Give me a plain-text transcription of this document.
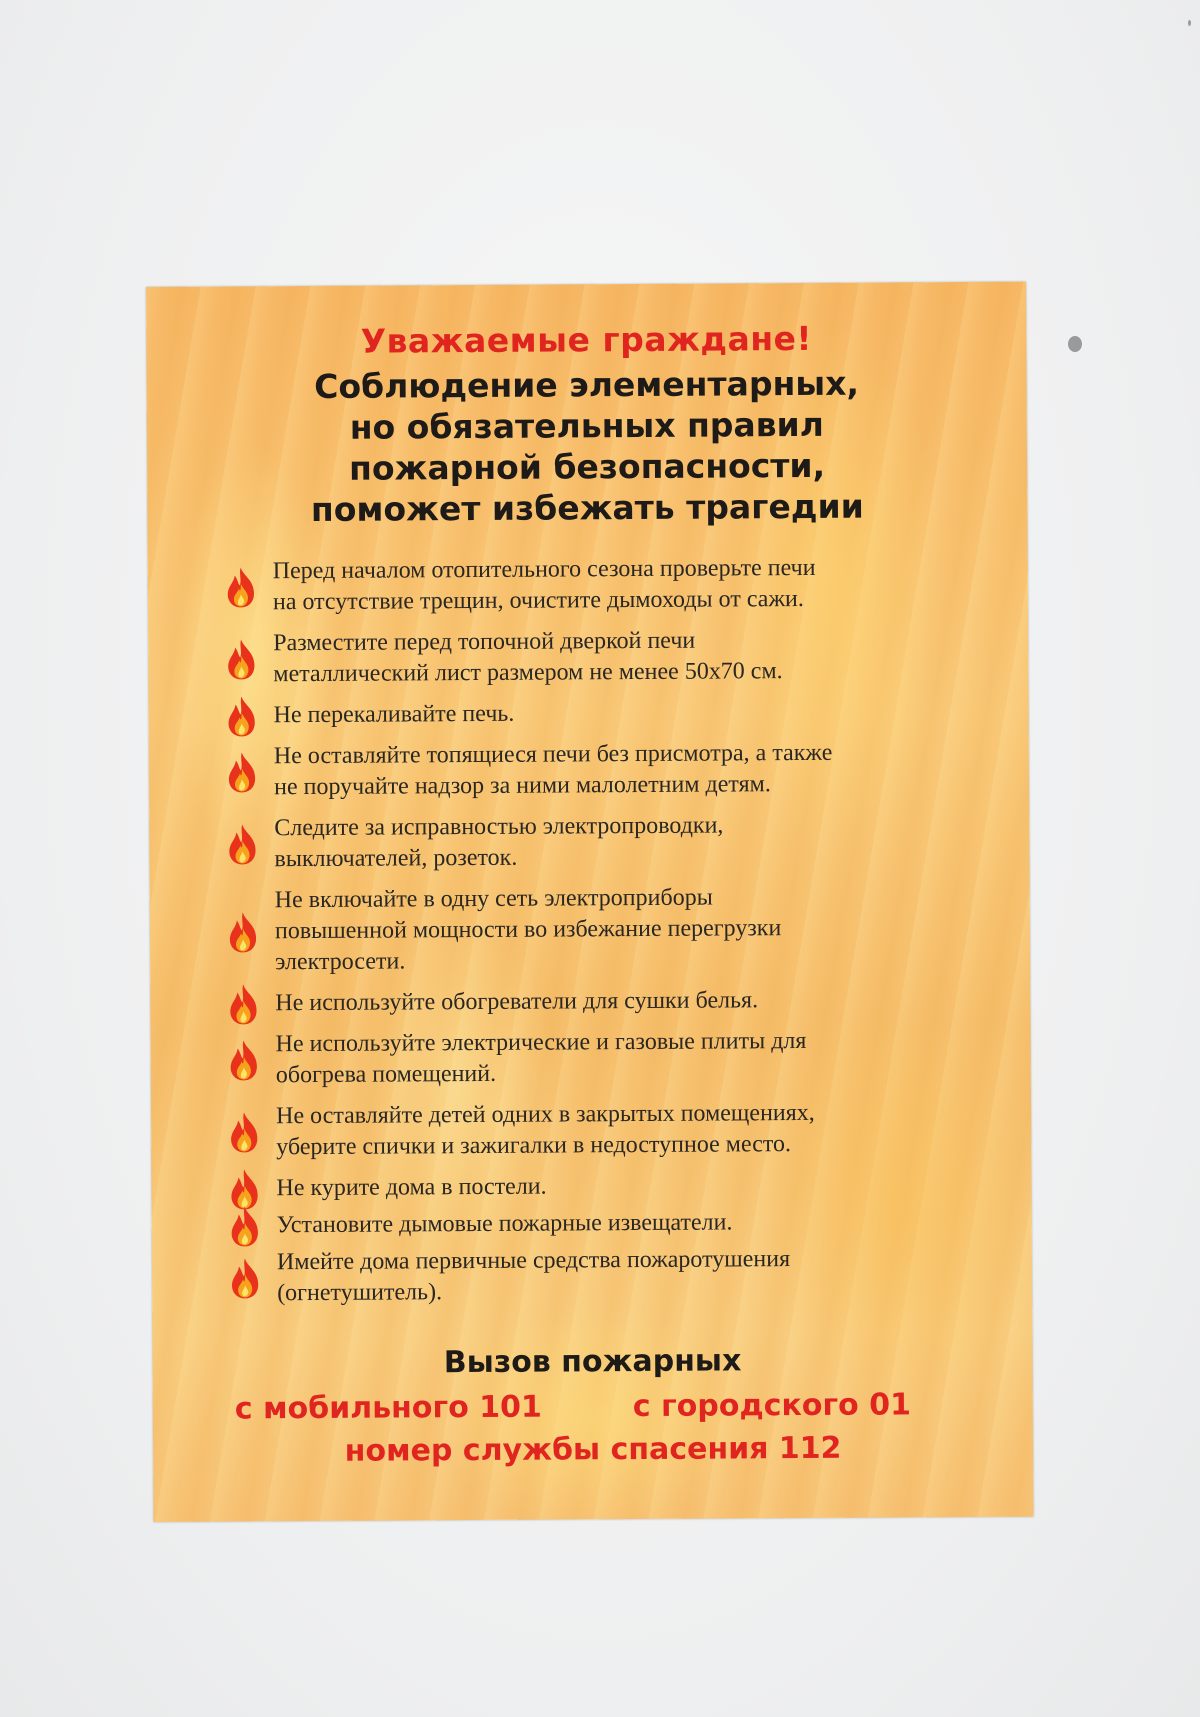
Уважаемые граждане!
Соблюдение элементарных,
но обязательных правил
пожарной безопасности,
поможет избежать трагедии
Перед началом отопительного сезона проверьте печи
на отсутствие трещин, очистите дымоходы от сажи.
Разместите перед топочной дверкой печи
металлический лист размером не менее 50х70 см.
Не перекаливайте печь.
Не оставляйте топящиеся печи без присмотра, а также
не поручайте надзор за ними малолетним детям.
Следите за исправностью электропроводки,
выключателей, розеток.
Не включайте в одну сеть электроприборы
повышенной мощности во избежание перегрузки
электросети.
Не используйте обогреватели для сушки белья.
Не используйте электрические и газовые плиты для
обогрева помещений.
Не оставляйте детей одних в закрытых помещениях,
уберите спички и зажигалки в недоступное место.
Не курите дома в постели.
Установите дымовые пожарные извещатели.
Имейте дома первичные средства пожаротушения
(огнетушитель).
Вызов пожарных
с мобильного 101	с городского 01
номер службы спасения 112
